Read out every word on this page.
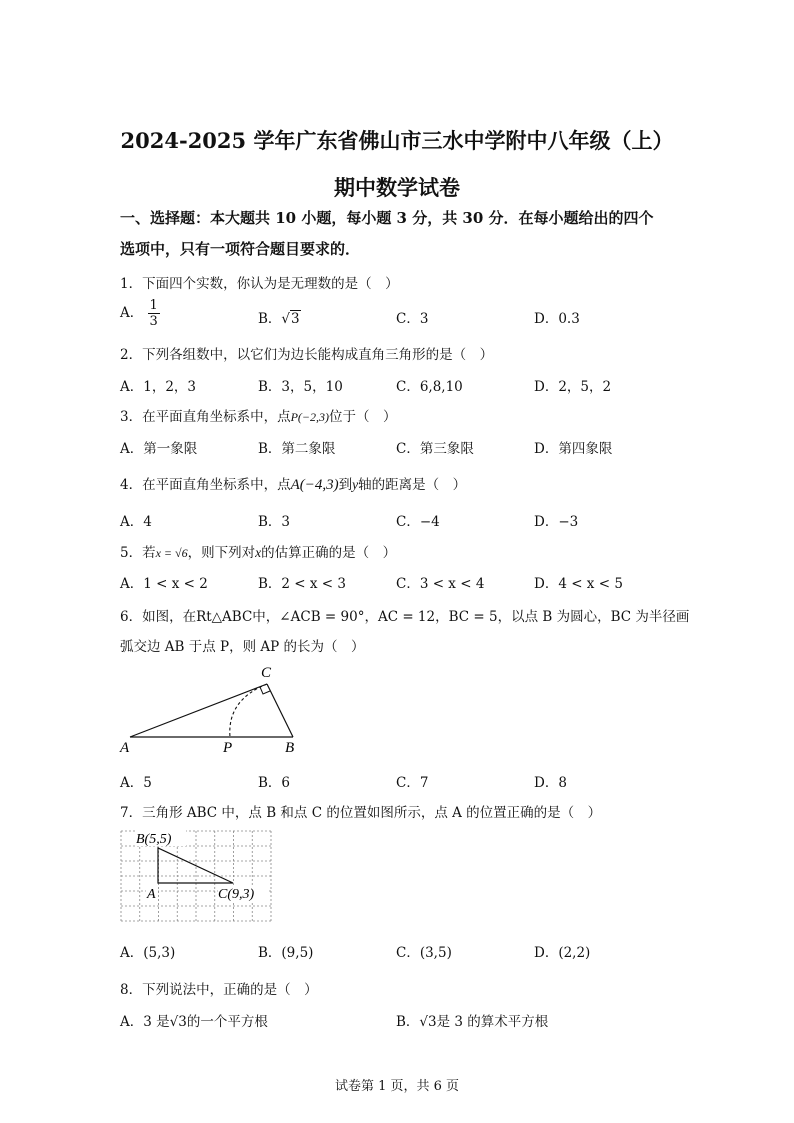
2024-2025 学年广东省佛山市三水中学附中八年级（上）
期中数学试卷
一、选择题：本大题共 10 小题，每小题 3 分，共 30 分．在每小题给出的四个
选项中，只有一项符合题目要求的．
1．下面四个实数，你认为是无理数的是（　）
A． $\frac{1}{3}$	B．√3	C．3	D．0.3
2．下列各组数中，以它们为边长能构成直角三角形的是（　）
A．1，2，3	B．3，5，10	C．6,8,10	D．2，5，2
3．在平面直角坐标系中，点P(−2,3)位于（　）
A．第一象限	B．第二象限	C．第三象限	D．第四象限
4．在平面直角坐标系中，点A(−4,3)到y轴的距离是（　）
A．4	B．3	C．−4	D．−3
5．若x = √6，则下列对x的估算正确的是（　）
A．1 < x < 2	B．2 < x < 3	C．3 < x < 4	D．4 < x < 5
6．如图，在Rt△ABC中，∠ACB = 90°，AC = 12，BC = 5，以点 B 为圆心，BC 为半径画
弧交边 AB 于点 P，则 AP 的长为（　）
C
A	P	B
A．5	B．6	C．7	D．8
7．三角形 ABC 中，点 B 和点 C 的位置如图所示，点 A 的位置正确的是（　）
B(5,5)
A	C(9,3)
A．(5,3)	B．(9,5)	C．(3,5)	D．(2,2)
8．下列说法中，正确的是（　）
A．3 是√3的一个平方根	B．√3是 3 的算术平方根
试卷第 1 页，共 6 页
